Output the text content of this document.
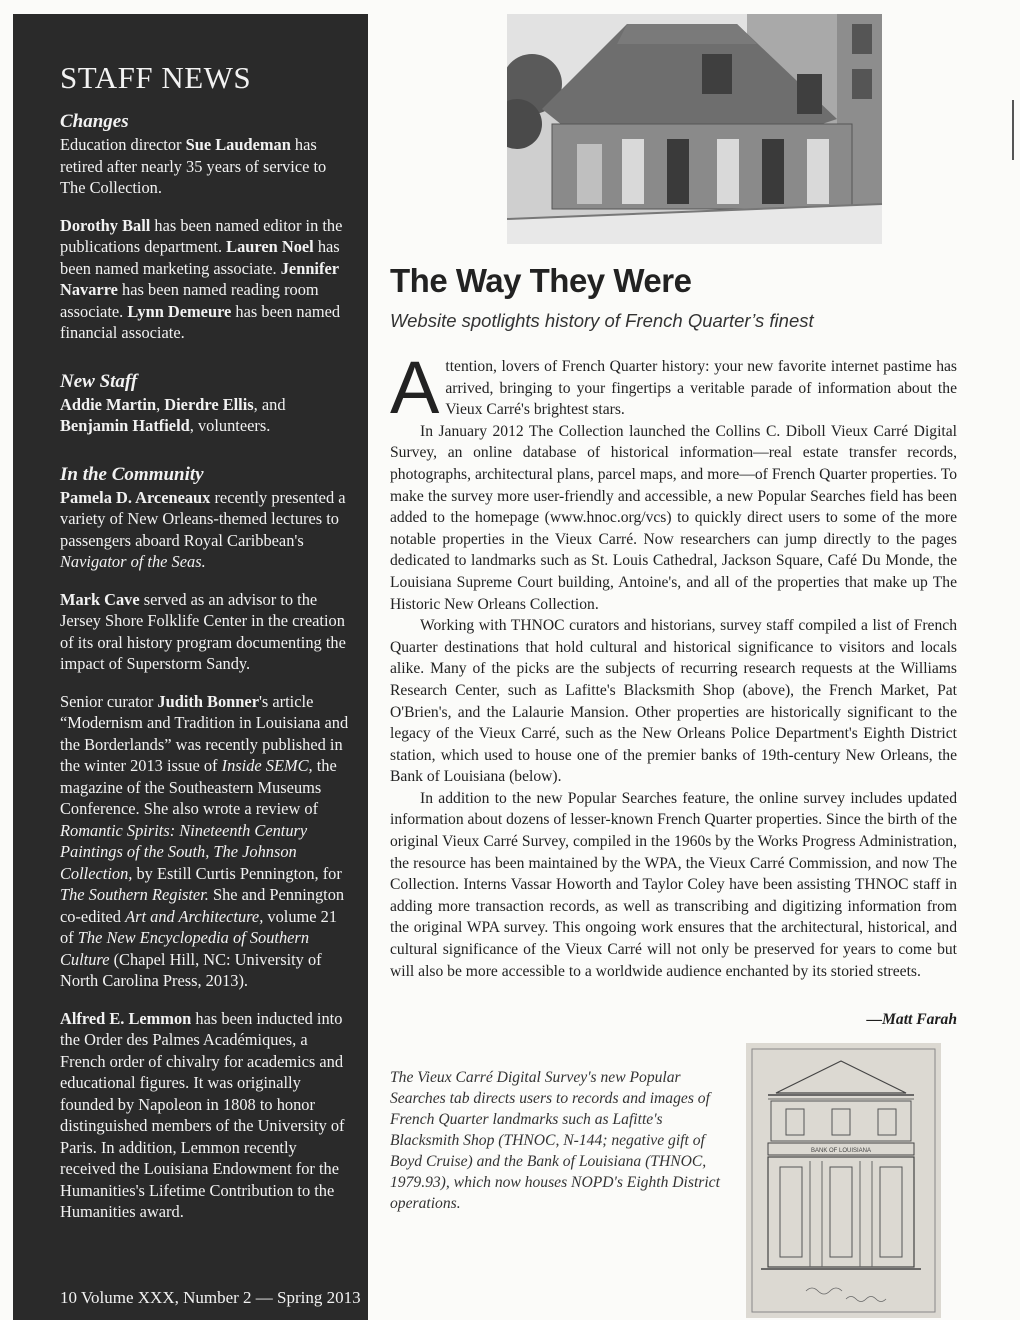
STAFF NEWS

Changes

Education director Sue Laudeman has retired after nearly 35 years of service to The Collection.

Dorothy Ball has been named editor in the publications department. Lauren Noel has been named marketing associate. Jennifer Navarre has been named reading room associate. Lynn Demeure has been named financial associate.

New Staff

Addie Martin, Dierdre Ellis, and Benjamin Hatfield, volunteers.

In the Community

Pamela D. Arceneaux recently presented a variety of New Orleans-themed lectures to passengers aboard Royal Caribbean's Navigator of the Seas.

Mark Cave served as an advisor to the Jersey Shore Folklife Center in the creation of its oral history program documenting the impact of Superstorm Sandy.

Senior curator Judith Bonner's article “Modernism and Tradition in Louisiana and the Borderlands” was recently published in the winter 2013 issue of Inside SEMC, the magazine of the Southeastern Museums Conference. She also wrote a review of Romantic Spirits: Nineteenth Century Paintings of the South, The Johnson Collection, by Estill Curtis Pennington, for The Southern Register. She and Pennington co-edited Art and Architecture, volume 21 of The New Encyclopedia of Southern Culture (Chapel Hill, NC: University of North Carolina Press, 2013).

Alfred E. Lemmon has been inducted into the Order des Palmes Académiques, a French order of chivalry for academics and educational figures. It was originally founded by Napoleon in 1808 to honor distinguished members of the University of Paris. In addition, Lemmon recently received the Louisiana Endowment for the Humanities's Lifetime Contribution to the Humanities award.

10 Volume XXX, Number 2 — Spring 2013
The Way They Were

Website spotlights history of French Quarter’s finest

Attention, lovers of French Quarter history: your new favorite internet pastime has arrived, bringing to your fingertips a veritable parade of information about the Vieux Carré's brightest stars.

In January 2012 The Collection launched the Collins C. Diboll Vieux Carré Digital Survey, an online database of historical information—real estate transfer records, photographs, architectural plans, parcel maps, and more—of French Quarter properties. To make the survey more user-friendly and accessible, a new Popular Searches field has been added to the homepage (www.hnoc.org/vcs) to quickly direct users to some of the more notable properties in the Vieux Carré. Now researchers can jump directly to the pages dedicated to landmarks such as St. Louis Cathedral, Jackson Square, Café Du Monde, the Louisiana Supreme Court building, Antoine's, and all of the properties that make up The Historic New Orleans Collection.

Working with THNOC curators and historians, survey staff compiled a list of French Quarter destinations that hold cultural and historical significance to visitors and locals alike. Many of the picks are the subjects of recurring research requests at the Williams Research Center, such as Lafitte's Blacksmith Shop (above), the French Market, Pat O'Brien's, and the Lalaurie Mansion. Other properties are historically significant to the legacy of the Vieux Carré, such as the New Orleans Police Department's Eighth District station, which used to house one of the premier banks of 19th-century New Orleans, the Bank of Louisiana (below).

In addition to the new Popular Searches feature, the online survey includes updated information about dozens of lesser-known French Quarter properties. Since the birth of the original Vieux Carré Survey, compiled in the 1960s by the Works Progress Administration, the resource has been maintained by the WPA, the Vieux Carré Commission, and now The Collection. Interns Vassar Howorth and Taylor Coley have been assisting THNOC staff in adding more transaction records, as well as transcribing and digitizing information from the original WPA survey. This ongoing work ensures that the architectural, historical, and cultural significance of the Vieux Carré will not only be preserved for years to come but will also be more accessible to a worldwide audience enchanted by its storied streets.

—Matt Farah
The Vieux Carré Digital Survey's new Popular Searches tab directs users to records and images of French Quarter landmarks such as Lafitte's Blacksmith Shop (THNOC, N-144; negative gift of Boyd Cruise) and the Bank of Louisiana (THNOC, 1979.93), which now houses NOPD's Eighth District operations.
BANK OF LOUISIANA
